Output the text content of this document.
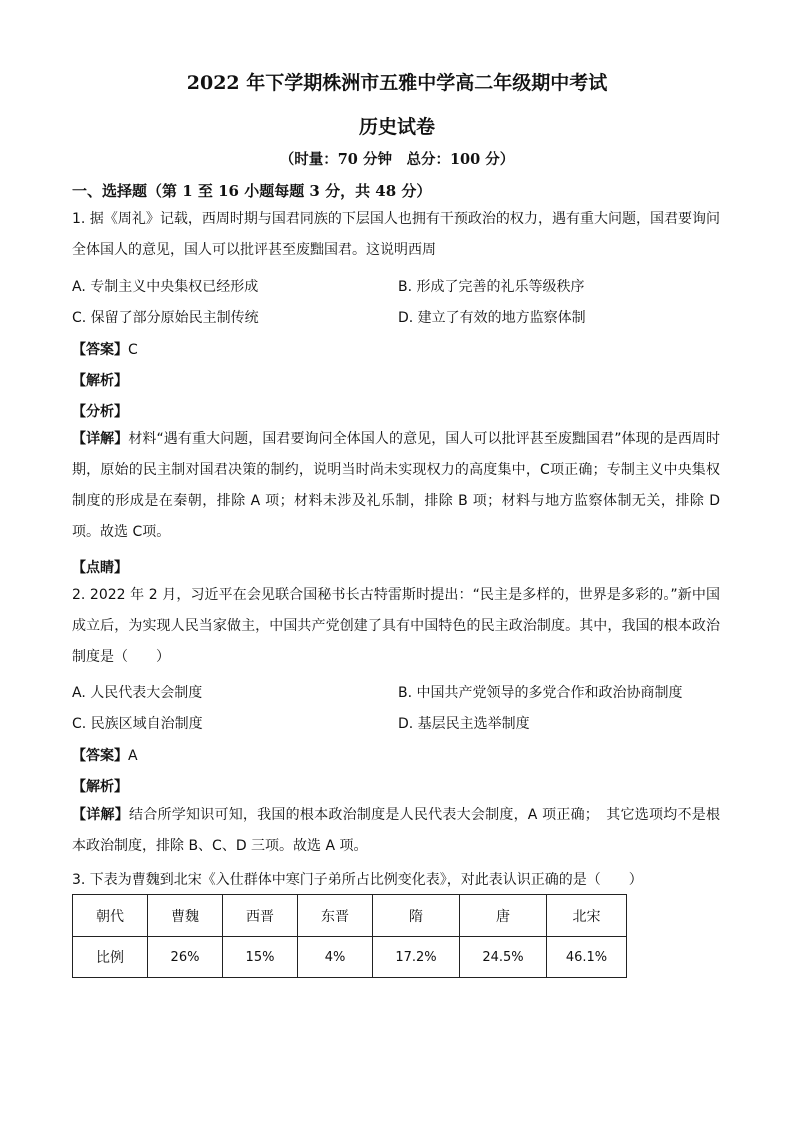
2022 年下学期株洲市五雅中学高二年级期中考试
历史试卷
（时量：70 分钟　总分：100 分）
一、选择题（第 1 至 16 小题每题 3 分，共 48 分）
1. 据《周礼》记载，西周时期与国君同族的下层国人也拥有干预政治的权力，遇有重大问题，国君要询问全体国人的意见，国人可以批评甚至废黜国君。这说明西周
A. 专制主义中央集权已经形成	B. 形成了完善的礼乐等级秩序
C. 保留了部分原始民主制传统	D. 建立了有效的地方监察体制
【答案】C
【解析】
【分析】
【详解】材料“遇有重大问题，国君要询问全体国人的意见，国人可以批评甚至废黜国君”体现的是西周时期，原始的民主制对国君决策的制约，说明当时尚未实现权力的高度集中，C项正确；专制主义中央集权制度的形成是在秦朝，排除 A 项；材料未涉及礼乐制，排除 B 项；材料与地方监察体制无关，排除 D 项。故选 C项。
【点睛】
2. 2022 年 2 月，习近平在会见联合国秘书长古特雷斯时提出：“民主是多样的，世界是多彩的。”新中国成立后，为实现人民当家做主，中国共产党创建了具有中国特色的民主政治制度。其中，我国的根本政治制度是（　　）
A. 人民代表大会制度	B. 中国共产党领导的多党合作和政治协商制度
C. 民族区域自治制度	D. 基层民主选举制度
【答案】A
【解析】
【详解】结合所学知识可知，我国的根本政治制度是人民代表大会制度，A 项正确；　其它选项均不是根本政治制度，排除 B、C、D 三项。故选 A 项。
3. 下表为曹魏到北宋《入仕群体中寒门子弟所占比例变化表》，对此表认识正确的是（　　）
朝代	曹魏	西晋	东晋	隋	唐	北宋
比例	26%	15%	4%	17.2%	24.5%	46.1%
